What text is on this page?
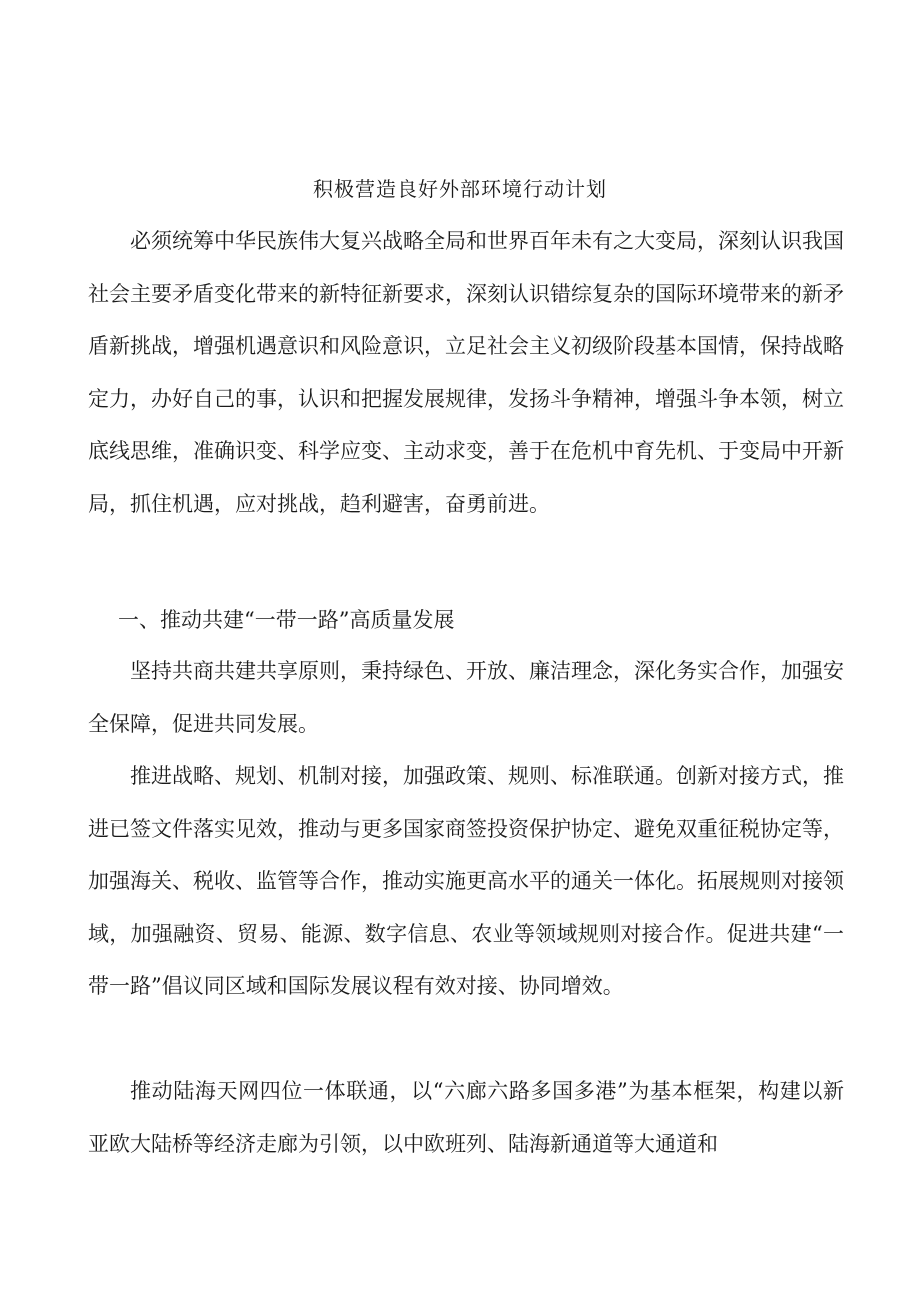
积极营造良好外部环境行动计划

必须统筹中华民族伟大复兴战略全局和世界百年未有之大变局，深刻认识我国社会主要矛盾变化带来的新特征新要求，深刻认识错综复杂的国际环境带来的新矛盾新挑战，增强机遇意识和风险意识，立足社会主义初级阶段基本国情，保持战略定力，办好自己的事，认识和把握发展规律，发扬斗争精神，增强斗争本领，树立底线思维，准确识变、科学应变、主动求变，善于在危机中育先机、于变局中开新局，抓住机遇，应对挑战，趋利避害，奋勇前进。

一、推动共建“一带一路”高质量发展

坚持共商共建共享原则，秉持绿色、开放、廉洁理念，深化务实合作，加强安全保障，促进共同发展。

推进战略、规划、机制对接，加强政策、规则、标准联通。创新对接方式，推进已签文件落实见效，推动与更多国家商签投资保护协定、避免双重征税协定等，加强海关、税收、监管等合作，推动实施更高水平的通关一体化。拓展规则对接领域，加强融资、贸易、能源、数字信息、农业等领域规则对接合作。促进共建“一带一路”倡议同区域和国际发展议程有效对接、协同增效。

推动陆海天网四位一体联通，以“六廊六路多国多港”为基本框架，构建以新亚欧大陆桥等经济走廊为引领，以中欧班列、陆海新通道等大通道和
